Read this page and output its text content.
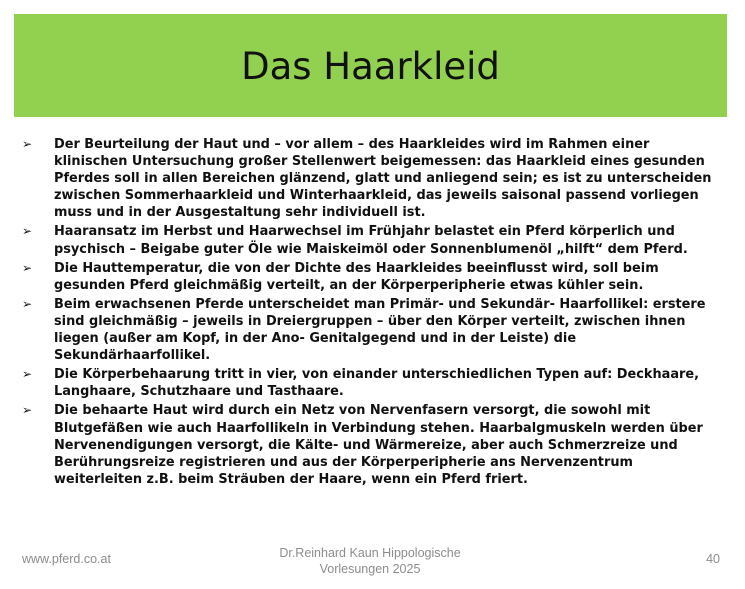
Das Haarkleid
➢	Der Beurteilung der Haut und – vor allem – des Haarkleides wird im Rahmen einer klinischen Untersuchung großer Stellenwert beigemessen: das Haarkleid eines gesunden Pferdes soll in allen Bereichen glänzend, glatt und anliegend sein; es ist zu unterscheiden zwischen Sommerhaarkleid und Winterhaarkleid, das jeweils saisonal passend vorliegen muss und in der Ausgestaltung sehr individuell ist.
➢	Haaransatz im Herbst und Haarwechsel im Frühjahr belastet ein Pferd körperlich und psychisch – Beigabe guter Öle wie Maiskeimöl oder Sonnenblumenöl „hilft“ dem Pferd.
➢	Die Hauttemperatur, die von der Dichte des Haarkleides beeinflusst wird, soll beim gesunden Pferd gleichmäßig verteilt, an der Körperperipherie etwas kühler sein.
➢	Beim erwachsenen Pferde unterscheidet man Primär- und Sekundär- Haarfollikel: erstere sind gleichmäßig – jeweils in Dreiergruppen – über den Körper verteilt, zwischen ihnen liegen (außer am Kopf, in der Ano- Genitalgegend und in der Leiste) die Sekundärhaarfollikel.
➢	Die Körperbehaarung tritt in vier, von einander unterschiedlichen Typen auf: Deckhaare, Langhaare, Schutzhaare und Tasthaare.
➢	Die behaarte Haut wird durch ein Netz von Nervenfasern versorgt, die sowohl mit Blutgefäßen wie auch Haarfollikeln in Verbindung stehen. Haarbalgmuskeln werden über Nervenendigungen versorgt, die Kälte- und Wärmereize, aber auch Schmerzreize und Berührungsreize registrieren und aus der Körperperipherie ans Nervenzentrum weiterleiten z.B. beim Sträuben der Haare, wenn ein Pferd friert.
www.pferd.co.at	Dr.Reinhard Kaun Hippologische
Vorlesungen 2025
40
